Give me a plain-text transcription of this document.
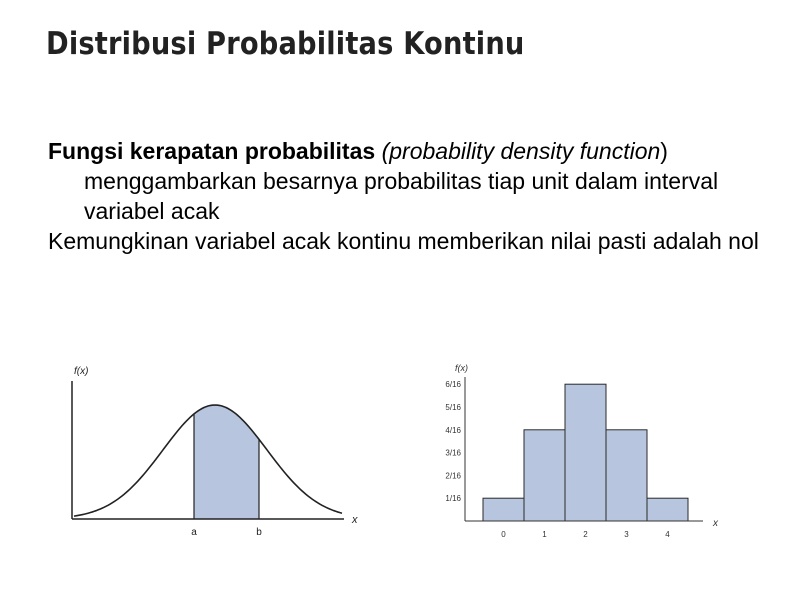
Distribusi Probabilitas Kontinu

Fungsi kerapatan probabilitas (probability density function) menggambarkan besarnya probabilitas tiap unit dalam interval variabel acak

Kemungkinan variabel acak kontinu memberikan nilai pasti adalah nol

f(x)
x
a	b
1/16
2/16
3/16
4/16
5/16
6/16
0	1	2	3	4
f(x)
x
